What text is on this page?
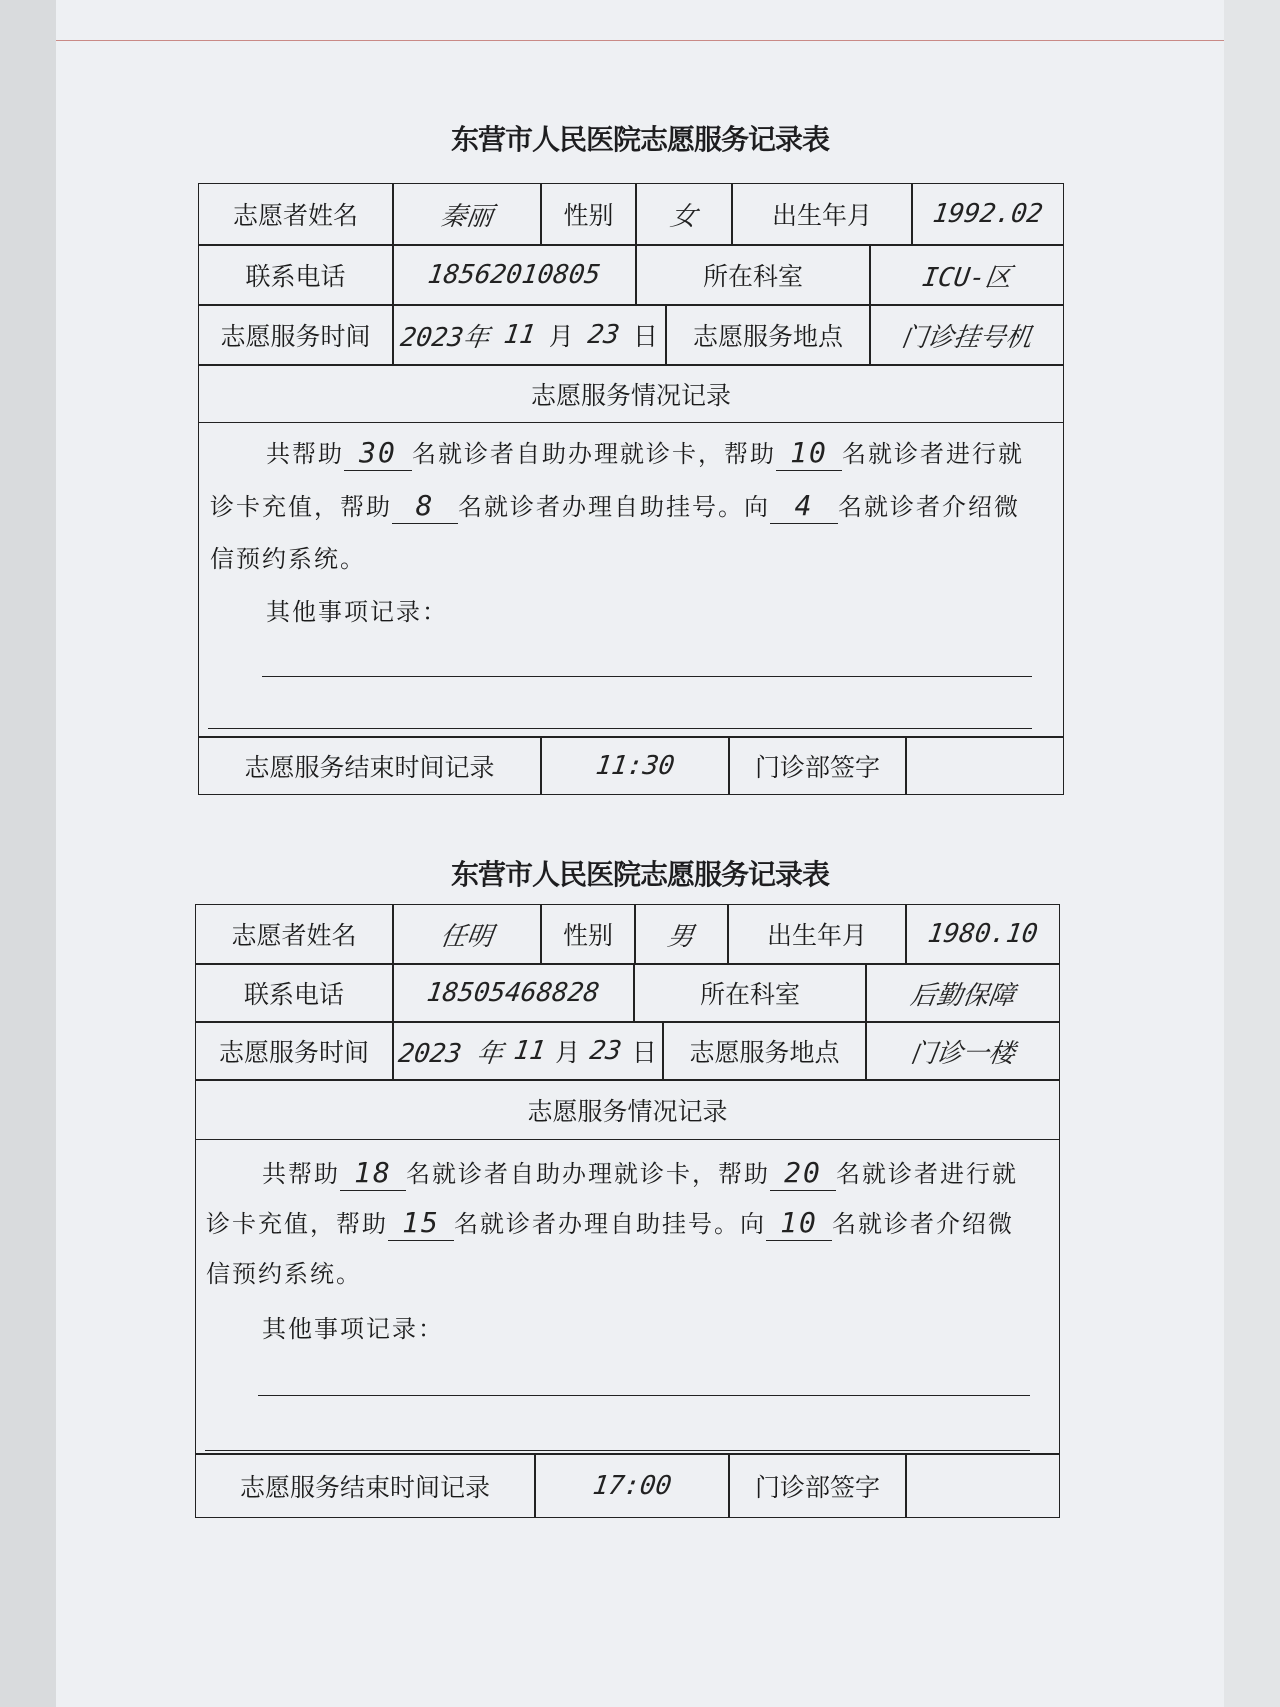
东营市人民医院志愿服务记录表
志愿者姓名	秦丽	性别	女	出生年月	1992.02
联系电话	18562010805	所在科室	ICU-区
志愿服务时间	2023年 11 月 23 日	志愿服务地点	门诊挂号机
志愿服务情况记录
共帮助 30 名就诊者自助办理就诊卡，帮助 10 名就诊者进行就
诊卡充值，帮助 8 名就诊者办理自助挂号。向 4 名就诊者介绍微
信预约系统。
其他事项记录：
志愿服务结束时间记录	11:30	门诊部签字
东营市人民医院志愿服务记录表
志愿者姓名	任明	性别	男	出生年月	1980.10
联系电话	18505468828	所在科室	后勤保障
志愿服务时间	2023 年 11 月 23 日	志愿服务地点	门诊一楼
志愿服务情况记录
共帮助 18 名就诊者自助办理就诊卡，帮助 20 名就诊者进行就
诊卡充值，帮助 15 名就诊者办理自助挂号。向 10 名就诊者介绍微
信预约系统。
其他事项记录：
志愿服务结束时间记录	17:00	门诊部签字
